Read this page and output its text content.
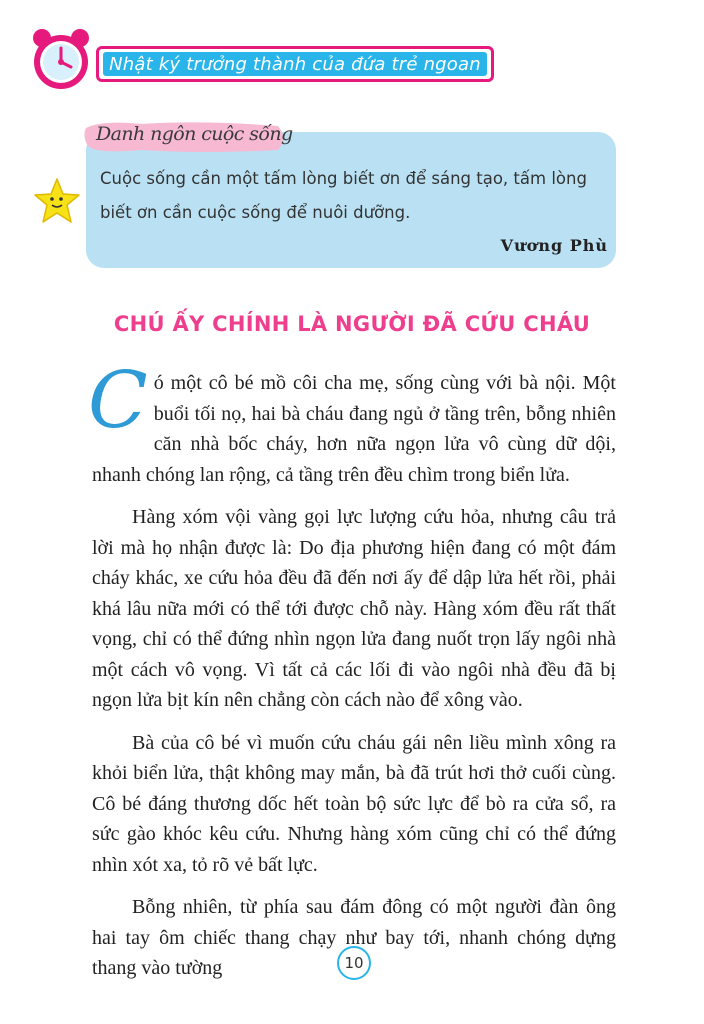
Nhật ký trưởng thành của đứa trẻ ngoan
Danh ngôn cuộc sống

Cuộc sống cần một tấm lòng biết ơn để sáng tạo, tấm lòng biết ơn cần cuộc sống để nuôi dưỡng.

Vương Phù
CHÚ ẤY CHÍNH LÀ NGƯỜI ĐÃ CỨU CHÁU

Có một cô bé mồ côi cha mẹ, sống cùng với bà nội. Một buổi tối nọ, hai bà cháu đang ngủ ở tầng trên, bỗng nhiên căn nhà bốc cháy, hơn nữa ngọn lửa vô cùng dữ dội, nhanh chóng lan rộng, cả tầng trên đều chìm trong biển lửa.

Hàng xóm vội vàng gọi lực lượng cứu hỏa, nhưng câu trả lời mà họ nhận được là: Do địa phương hiện đang có một đám cháy khác, xe cứu hỏa đều đã đến nơi ấy để dập lửa hết rồi, phải khá lâu nữa mới có thể tới được chỗ này. Hàng xóm đều rất thất vọng, chỉ có thể đứng nhìn ngọn lửa đang nuốt trọn lấy ngôi nhà một cách vô vọng. Vì tất cả các lối đi vào ngôi nhà đều đã bị ngọn lửa bịt kín nên chẳng còn cách nào để xông vào.

Bà của cô bé vì muốn cứu cháu gái nên liều mình xông ra khỏi biển lửa, thật không may mắn, bà đã trút hơi thở cuối cùng. Cô bé đáng thương dốc hết toàn bộ sức lực để bò ra cửa sổ, ra sức gào khóc kêu cứu. Nhưng hàng xóm cũng chỉ có thể đứng nhìn xót xa, tỏ rõ vẻ bất lực.

Bỗng nhiên, từ phía sau đám đông có một người đàn ông hai tay ôm chiếc thang chạy như bay tới, nhanh chóng dựng thang vào tường	10
